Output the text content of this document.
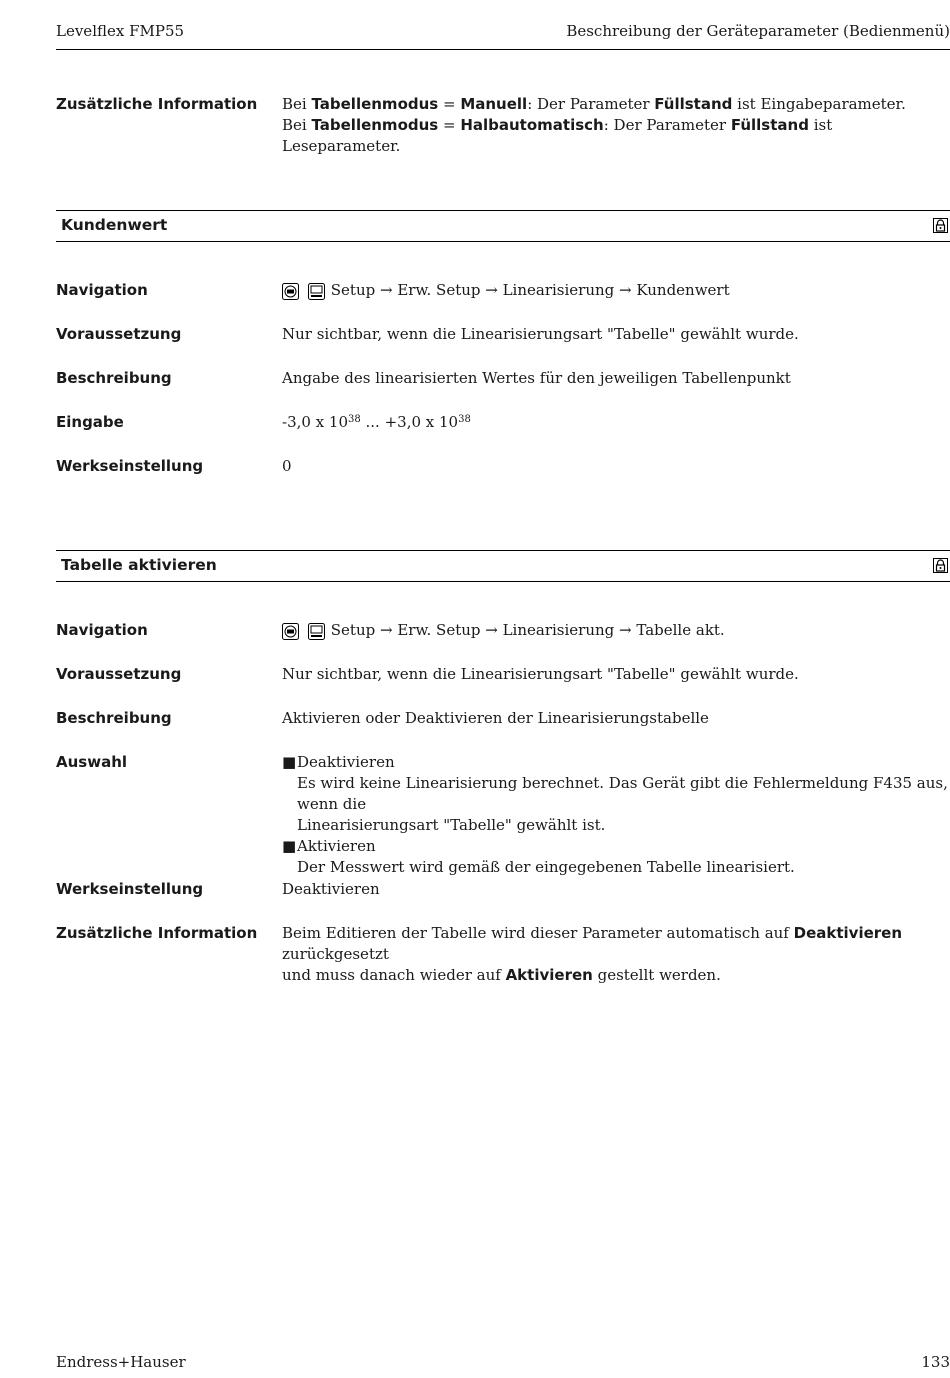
Levelflex FMP55	Beschreibung der Geräteparameter (Bedienmenü)
Zusätzliche Information	Bei Tabellenmodus = Manuell: Der Parameter Füllstand ist Eingabeparameter.
Bei Tabellenmodus = Halbautomatisch: Der Parameter Füllstand ist Leseparameter.
Kundenwert
Navigation	Setup → Erw. Setup → Linearisierung → Kundenwert
Voraussetzung	Nur sichtbar, wenn die Linearisierungsart "Tabelle" gewählt wurde.
Beschreibung	Angabe des linearisierten Wertes für den jeweiligen Tabellenpunkt
Eingabe	-3,0 x $10^{38}$ ... +3,0 x $10^{38}$
Werkseinstellung	0
Tabelle aktivieren
Navigation	Setup → Erw. Setup → Linearisierung → Tabelle akt.
Voraussetzung	Nur sichtbar, wenn die Linearisierungsart "Tabelle" gewählt wurde.
Beschreibung	Aktivieren oder Deaktivieren der Linearisierungstabelle
Auswahl	■ Deaktivieren
Es wird keine Linearisierung berechnet. Das Gerät gibt die Fehlermeldung F435 aus, wenn die
Linearisierungsart "Tabelle" gewählt ist.
■ Aktivieren
Der Messwert wird gemäß der eingegebenen Tabelle linearisiert.
Werkseinstellung	Deaktivieren
Zusätzliche Information	Beim Editieren der Tabelle wird dieser Parameter automatisch auf Deaktivieren zurückgesetzt
und muss danach wieder auf Aktivieren gestellt werden.
Endress+Hauser	133
